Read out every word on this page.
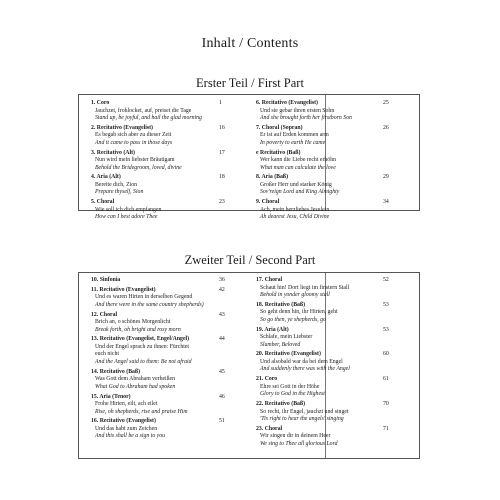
Inhalt / Contents
Erster Teil / First Part
1. Coro
Jauchzet, frohlocket, auf, preiset die Tage
Stand up, be joyful, and hail the glad morning
1
2. Recitativo (Evangelist)
Es begab sich aber zu dieser Zeit
And it came to pass in those days
16
3. Recitativo (Alt)
Nun wird mein liebster Bräutigam
Behold the Bridegroom, loved, divine
17
4. Aria (Alt)
Bereite dich, Zion
Prepare thyself, Sion
18
5. Choral
Wie soll ich dich empfangen
How can I best adore Thee
23
6. Recitativo (Evangelist)
Und sie gebar ihren ersten Sohn
And she brought forth her firstborn Son
25
7. Choral (Sopran)
Er ist auf Erden kommen arm
In poverty to earth He came
26
e Recitativo (Baß)
Wer kann die Liebe recht erhöhn
What man can calculate the love
8. Aria (Baß)
Großer Herr und starker König
Sov'reign Lord and King Almighty
29
9. Choral
Ach, mein herzliebes Jesulein
Ah dearest Jesu, Child Divine
34
Zweiter Teil / Second Part
10. Sinfonia	36
11. Recitativo (Evangelist)
Und es waren Hirten in derselben Gegend
And there were in the same country shepherds)
42
12. Choral
Brich an, o schönes Morgenlicht
Break forth, oh bright and rosy morn
43
13. Recitativo (Evangelist, Engel/Angel)
Und der Engel sprach zu ihnen: Fürchtet
euch nicht
And the Angel said to them: Be not afraid
44
14. Recitativo (Baß)
Was Gott dem Abraham verheißen
What God to Abraham had spoken
45
15. Aria (Tenor)
Frohe Hirten, eilt, ach eilet
Rise, oh shepherds, rise and praise Him
46
16. Recitativo (Evangelist)
Und das habt zum Zeichen
And this shall be a sign to you
51
17. Choral
Schaut hin! Dort liegt im finstern Stall
Behold in yonder gloomy stall
52
18. Recitativo (Baß)
So geht denn hin, ihr Hirten, geht
So go then, ye shepherds, go
53
19. Aria (Alt)
Schlafe, mein Liebster
Slumber, Beloved
53
20. Recitativo (Evangelist)
Und alsobald war da bei dem Engel
And suddenly there was with the Angel
60
21. Coro
Ehre sei Gott in der Höhe
Glory to God in the Highest
61
22. Recitativo (Baß)
So recht, ihr Engel, jauchzt und singet
'Tis right to hear the angels' singing
70
23. Choral
Wir singen dir in deinem Heer
We sing to Thee all glorious Lord
71
